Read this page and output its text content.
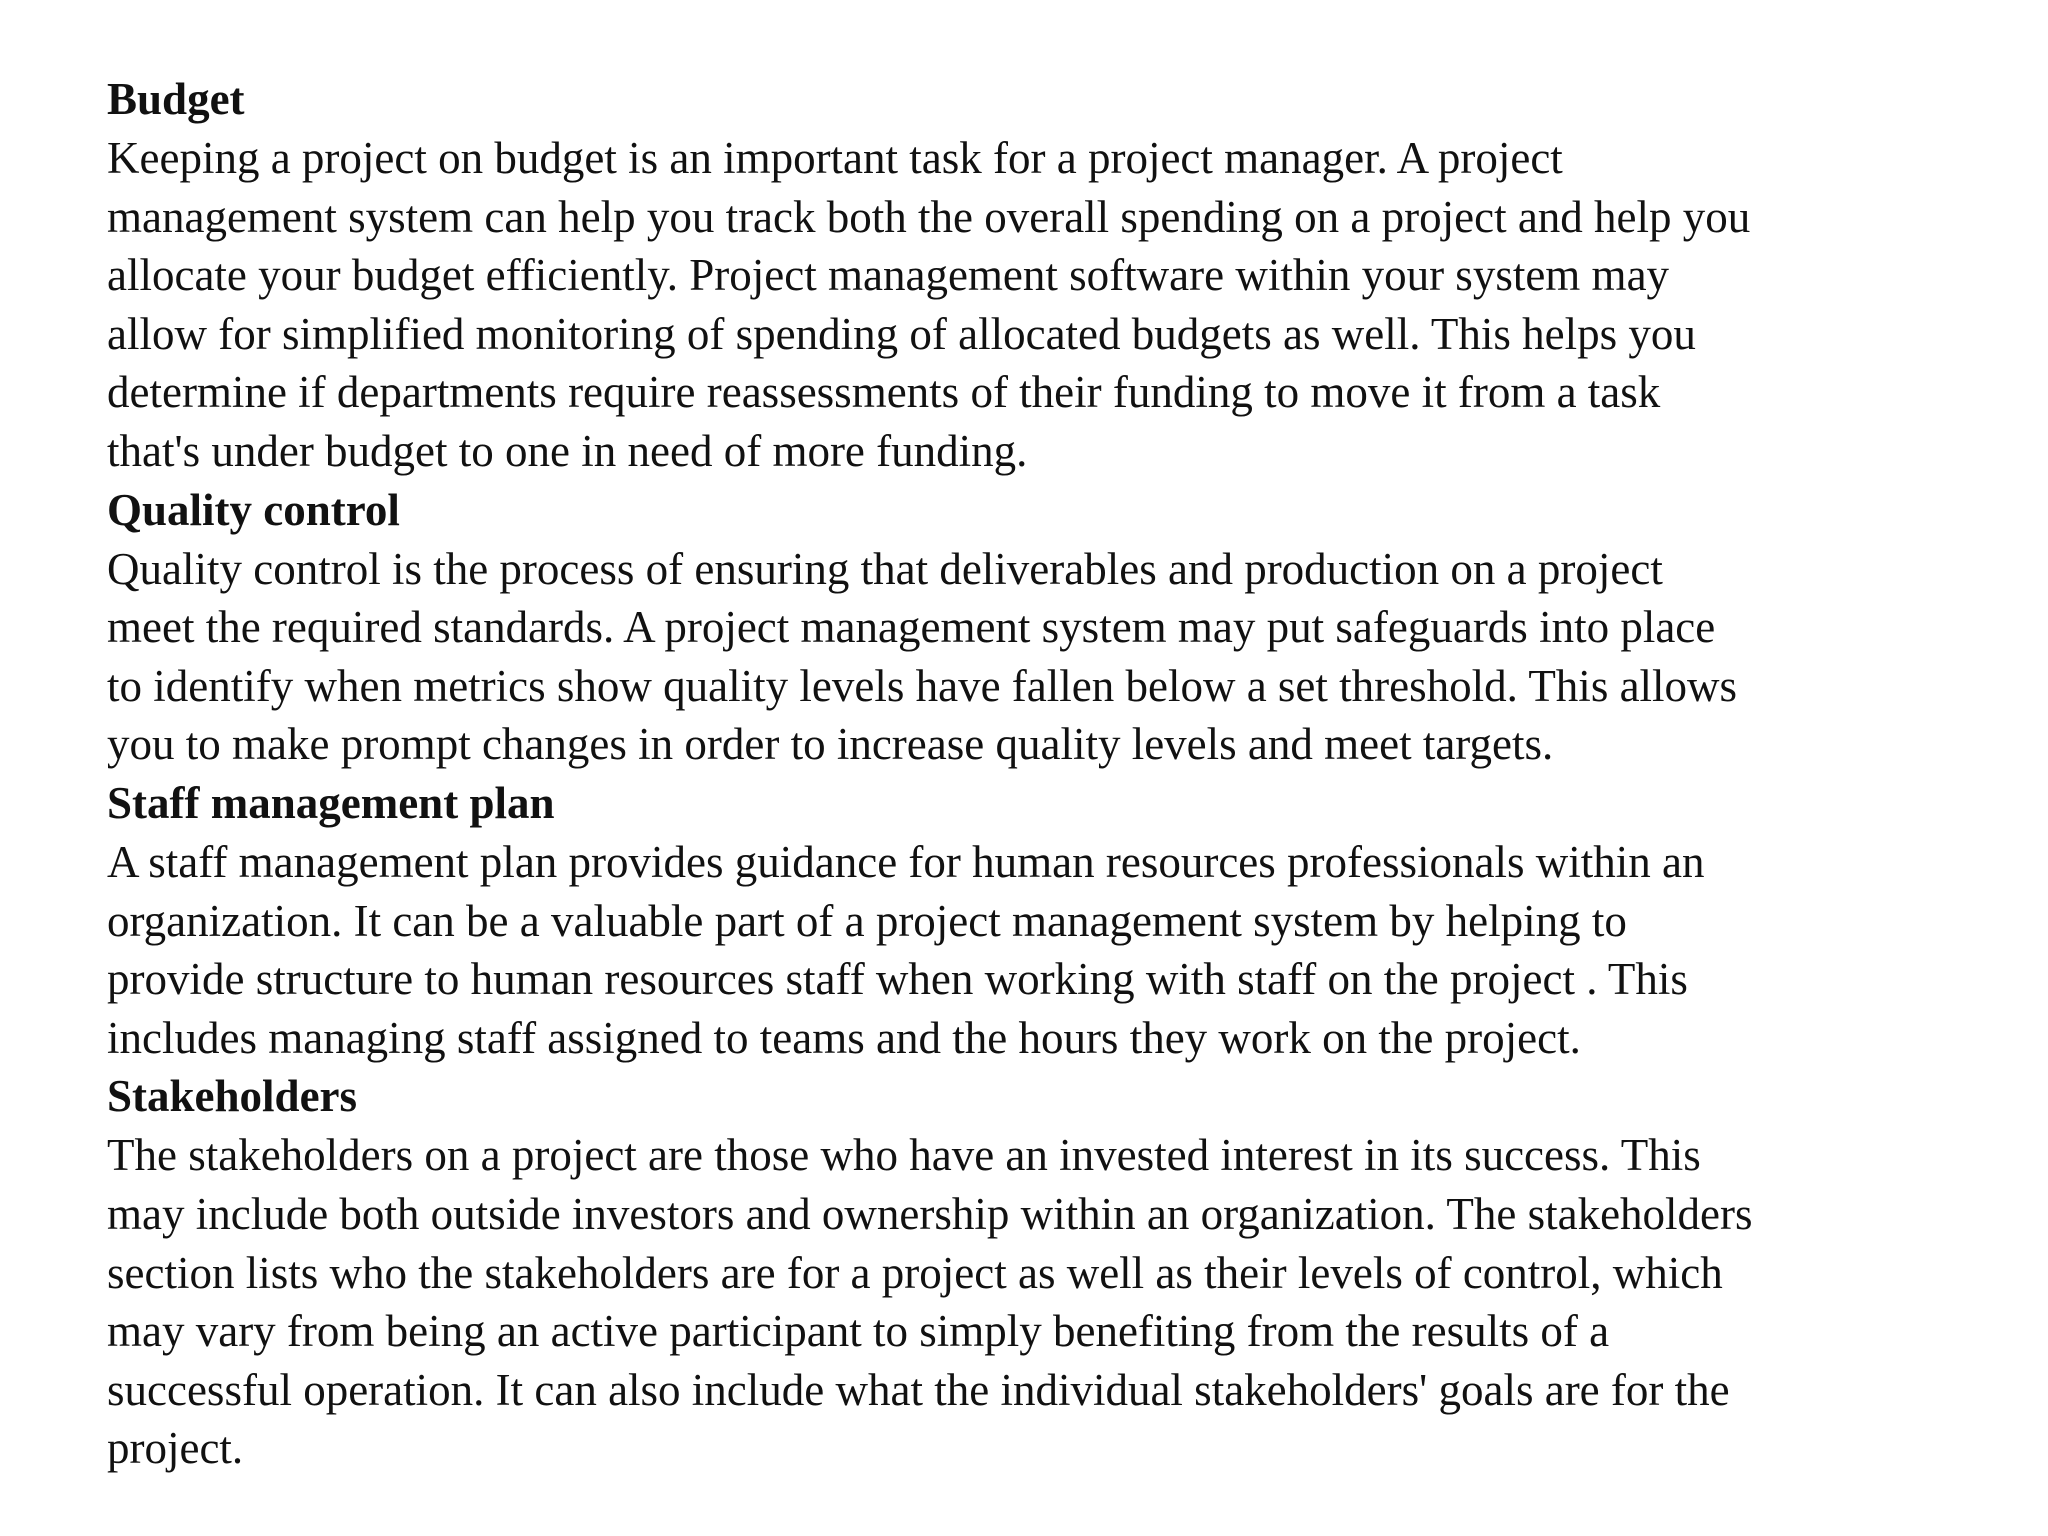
Budget

Keeping a project on budget is an important task for a project manager. A project
management system can help you track both the overall spending on a project and help you
allocate your budget efficiently. Project management software within your system may
allow for simplified monitoring of spending of allocated budgets as well. This helps you
determine if departments require reassessments of their funding to move it from a task
that's under budget to one in need of more funding.

Quality control

Quality control is the process of ensuring that deliverables and production on a project
meet the required standards. A project management system may put safeguards into place
to identify when metrics show quality levels have fallen below a set threshold. This allows
you to make prompt changes in order to increase quality levels and meet targets.

Staff management plan

A staff management plan provides guidance for human resources professionals within an
organization. It can be a valuable part of a project management system by helping to
provide structure to human resources staff when working with staff on the project . This
includes managing staff assigned to teams and the hours they work on the project.

Stakeholders

The stakeholders on a project are those who have an invested interest in its success. This
may include both outside investors and ownership within an organization. The stakeholders
section lists who the stakeholders are for a project as well as their levels of control, which
may vary from being an active participant to simply benefiting from the results of a
successful operation. It can also include what the individual stakeholders' goals are for the
project.
